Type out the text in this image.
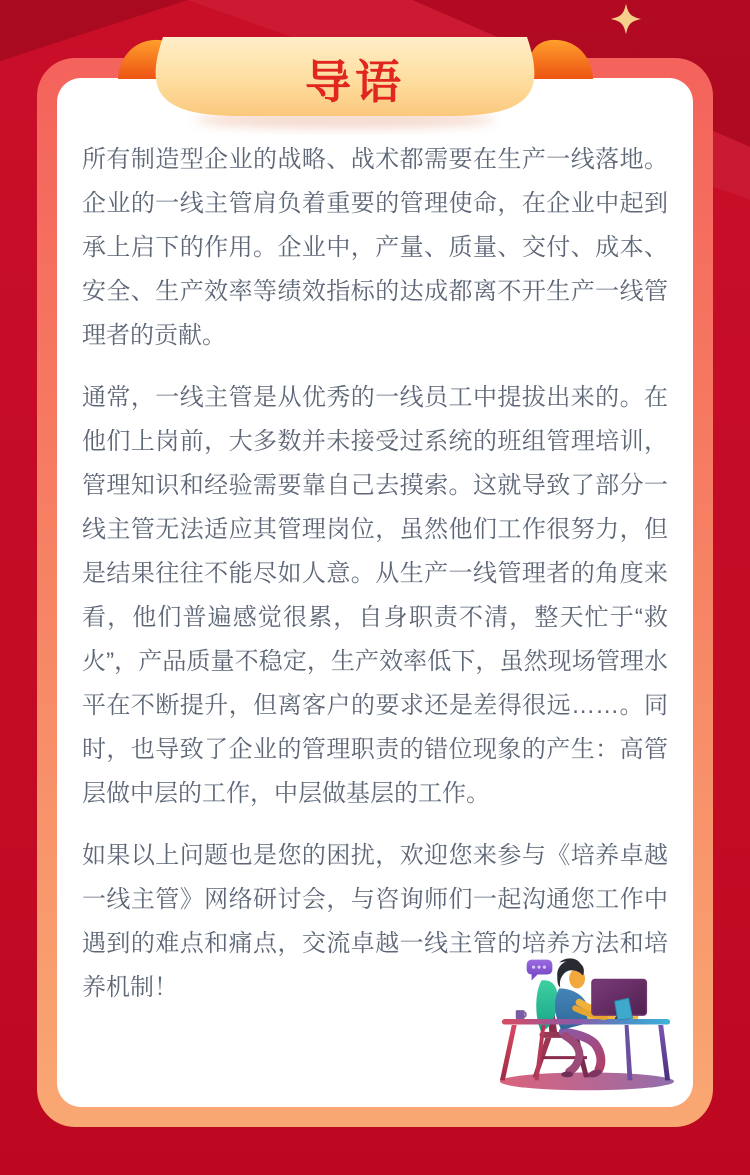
所有制造型企业的战略、战术都需要在生产一线落地。企业的一线主管肩负着重要的管理使命，在企业中起到承上启下的作用。企业中，产量、质量、交付、成本、安全、生产效率等绩效指标的达成都离不开生产一线管理者的贡献。

通常，一线主管是从优秀的一线员工中提拔出来的。在他们上岗前，大多数并未接受过系统的班组管理培训，管理知识和经验需要靠自己去摸索。这就导致了部分一线主管无法适应其管理岗位，虽然他们工作很努力，但是结果往往不能尽如人意。从生产一线管理者的角度来看，他们普遍感觉很累，自身职责不清，整天忙于“救火”，产品质量不稳定，生产效率低下，虽然现场管理水平在不断提升，但离客户的要求还是差得很远……。同时，也导致了企业的管理职责的错位现象的产生：高管层做中层的工作，中层做基层的工作。

如果以上问题也是您的困扰，欢迎您来参与《培养卓越一线主管》网络研讨会，与咨询师们一起沟通您工作中遇到的难点和痛点，交流卓越一线主管的培养方法和培养机制！

导语
